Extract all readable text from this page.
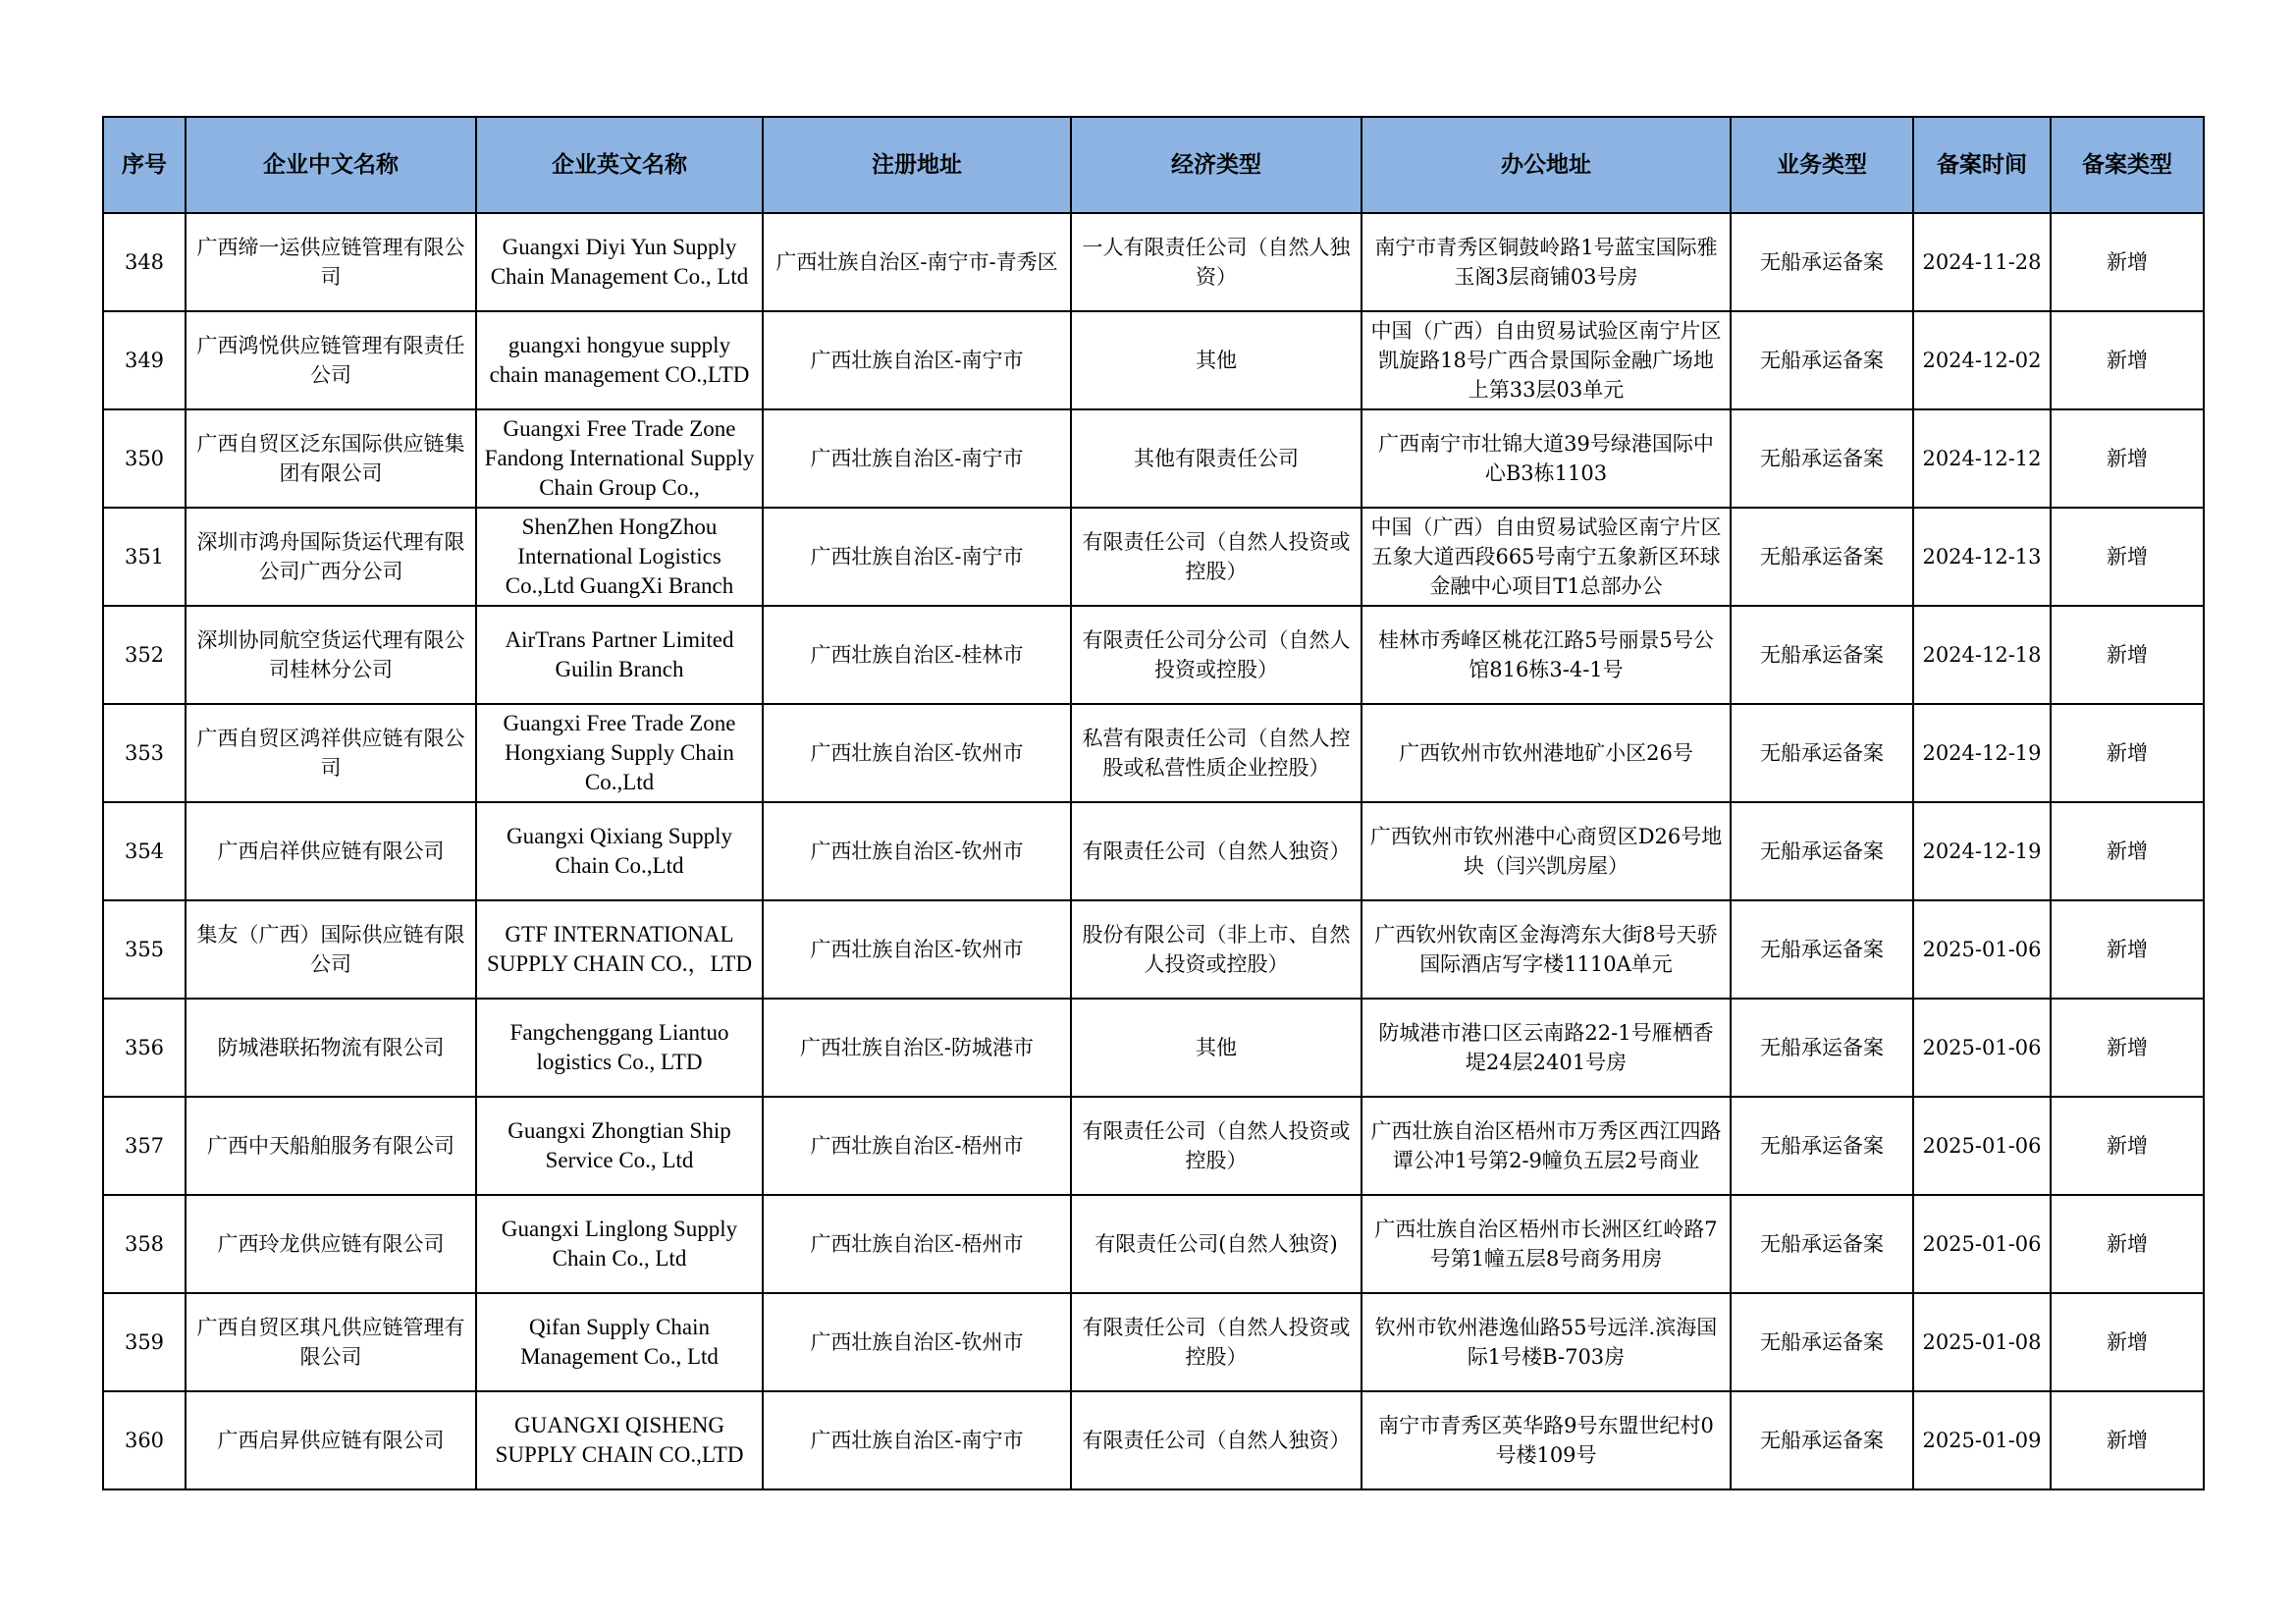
序号	企业中文名称	企业英文名称	注册地址	经济类型	办公地址	业务类型	备案时间	备案类型

348	广西缔一运供应链管理有限公司	Guangxi Diyi Yun Supply Chain Management Co., Ltd	广西壮族自治区-南宁市-青秀区	一人有限责任公司（自然人独资）	南宁市青秀区铜鼓岭路1号蓝宝国际雅玉阁3层商铺03号房	无船承运备案	2024-11-28	新增

349	广西鸿悦供应链管理有限责任公司	guangxi hongyue supply chain management CO.,LTD	广西壮族自治区-南宁市	其他	中国（广西）自由贸易试验区南宁片区凯旋路18号广西合景国际金融广场地上第33层03单元	无船承运备案	2024-12-02	新增

350	广西自贸区泛东国际供应链集团有限公司	Guangxi Free Trade Zone Fandong International Supply Chain Group Co.,	广西壮族自治区-南宁市	其他有限责任公司	广西南宁市壮锦大道39号绿港国际中心B3栋1103	无船承运备案	2024-12-12	新增

351	深圳市鸿舟国际货运代理有限公司广西分公司	ShenZhen HongZhou International Logistics Co.,Ltd GuangXi Branch	广西壮族自治区-南宁市	有限责任公司（自然人投资或控股）	中国（广西）自由贸易试验区南宁片区五象大道西段665号南宁五象新区环球金融中心项目T1总部办公	无船承运备案	2024-12-13	新增

352	深圳协同航空货运代理有限公司桂林分公司	AirTrans Partner Limited Guilin Branch	广西壮族自治区-桂林市	有限责任公司分公司（自然人投资或控股）	桂林市秀峰区桃花江路5号丽景5号公馆816栋3-4-1号	无船承运备案	2024-12-18	新增

353	广西自贸区鸿祥供应链有限公司	Guangxi Free Trade Zone Hongxiang Supply Chain Co.,Ltd	广西壮族自治区-钦州市	私营有限责任公司（自然人控股或私营性质企业控股）	广西钦州市钦州港地矿小区26号	无船承运备案	2024-12-19	新增

354	广西启祥供应链有限公司	Guangxi Qixiang Supply Chain Co.,Ltd	广西壮族自治区-钦州市	有限责任公司（自然人独资）	广西钦州市钦州港中心商贸区D26号地块（闫兴凯房屋）	无船承运备案	2024-12-19	新增

355	集友（广西）国际供应链有限公司	GTF INTERNATIONAL SUPPLY CHAIN CO.，LTD	广西壮族自治区-钦州市	股份有限公司（非上市、自然人投资或控股）	广西钦州钦南区金海湾东大街8号天骄国际酒店写字楼1110A单元	无船承运备案	2025-01-06	新增

356	防城港联拓物流有限公司	Fangchenggang Liantuo logistics Co., LTD	广西壮族自治区-防城港市	其他	防城港市港口区云南路22-1号雁栖香堤24层2401号房	无船承运备案	2025-01-06	新增

357	广西中天船舶服务有限公司	Guangxi Zhongtian Ship Service Co., Ltd	广西壮族自治区-梧州市	有限责任公司（自然人投资或控股）	广西壮族自治区梧州市万秀区西江四路谭公冲1号第2-9幢负五层2号商业	无船承运备案	2025-01-06	新增

358	广西玲龙供应链有限公司	Guangxi Linglong Supply Chain Co., Ltd	广西壮族自治区-梧州市	有限责任公司(自然人独资)	广西壮族自治区梧州市长洲区红岭路7号第1幢五层8号商务用房	无船承运备案	2025-01-06	新增

359	广西自贸区琪凡供应链管理有限公司	Qifan Supply Chain Management Co., Ltd	广西壮族自治区-钦州市	有限责任公司（自然人投资或控股）	钦州市钦州港逸仙路55号远洋.滨海国际1号楼B-703房	无船承运备案	2025-01-08	新增

360	广西启昇供应链有限公司	GUANGXI QISHENG SUPPLY CHAIN CO.,LTD	广西壮族自治区-南宁市	有限责任公司（自然人独资）	南宁市青秀区英华路9号东盟世纪村0号楼109号	无船承运备案	2025-01-09	新增
